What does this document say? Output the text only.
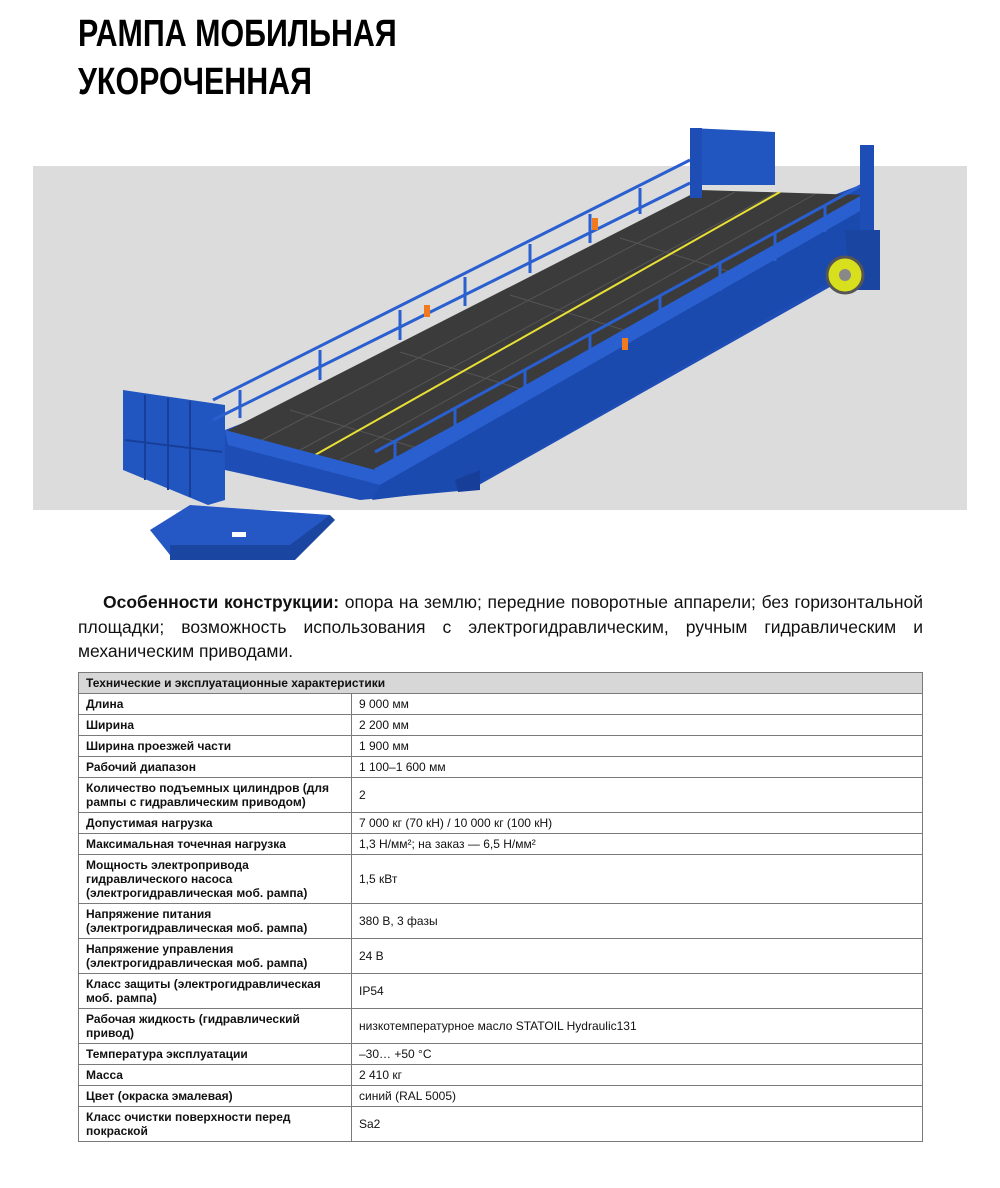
РАМПА МОБИЛЬНАЯ
УКОРОЧЕННАЯ

Особенности конструкции: опора на землю; передние поворотные аппарели; без горизонтальной площадки; возможность использования с электрогидравлическим, ручным гидравлическим и механическим приводами.

Технические и эксплуатационные характеристики	
Длина	9 000 мм
Ширина	2 200 мм
Ширина проезжей части	1 900 мм
Рабочий диапазон	1 100–1 600 мм
Количество подъемных цилиндров (для рампы с гидравлическим приводом)	2
Допустимая нагрузка	7 000 кг (70 кН) / 10 000 кг (100 кН)
Максимальная точечная нагрузка	1,3 Н/мм²; на заказ — 6,5 Н/мм²
Мощность электропривода гидравлического насоса (электрогидравлическая моб. рампа)	1,5 кВт
Напряжение питания (электрогидравлическая моб. рампа)	380 В, 3 фазы
Напряжение управления (электрогидравлическая моб. рампа)	24 В
Класс защиты (электрогидравлическая моб. рампа)	IP54
Рабочая жидкость (гидравлический привод)	низкотемпературное масло STATOIL Hydraulic131
Температура эксплуатации	–30… +50 °C
Масса	2 410 кг
Цвет (окраска эмалевая)	синий (RAL 5005)
Класс очистки поверхности перед покраской	Sa2
